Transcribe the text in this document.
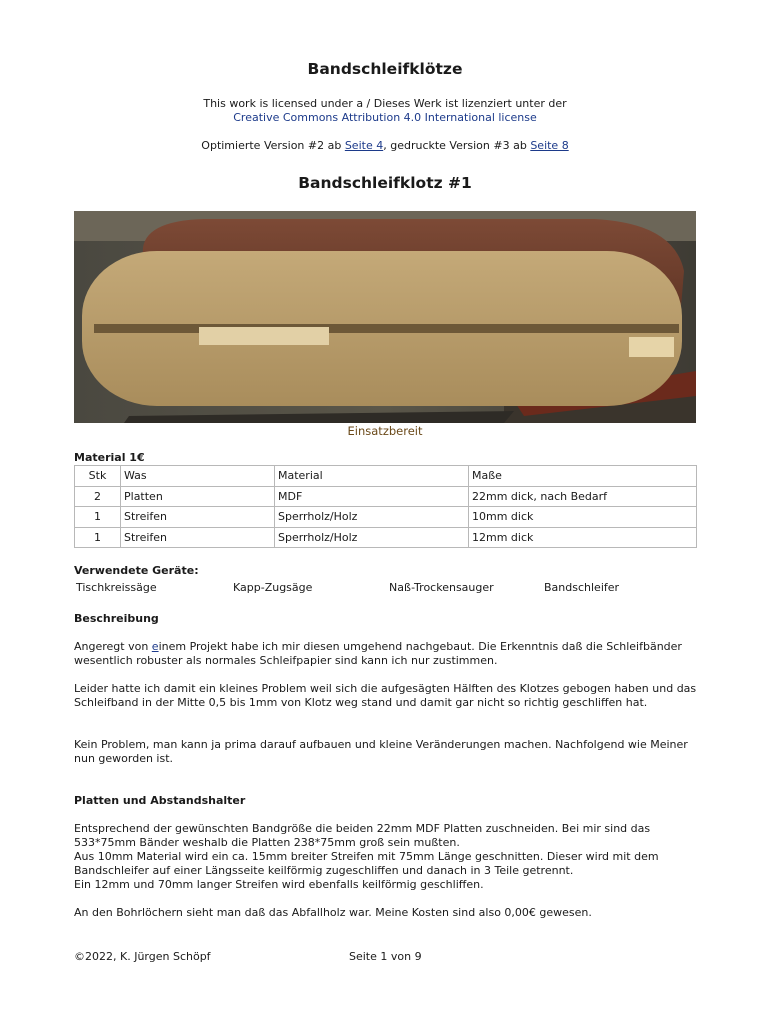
Bandschleifklötze
This work is licensed under a / Dieses Werk ist lizenziert unter der
Creative Commons Attribution 4.0 International license
Optimierte Version #2 ab Seite 4, gedruckte Version #3 ab Seite 8
Bandschleifklotz #1
Einsatzbereit
Material 1€
Stk	Was	Material	Maße
2	Platten	MDF	22mm dick, nach Bedarf
1	Streifen	Sperrholz/Holz	10mm dick
1	Streifen	Sperrholz/Holz	12mm dick
Verwendete Geräte:
Tischkreissäge	Kapp-Zugsäge	Naß-Trockensauger	Bandschleifer
Beschreibung

Angeregt von einem Projekt habe ich mir diesen umgehend nachgebaut. Die Erkenntnis daß die Schleifbänder wesentlich robuster als normales Schleifpapier sind kann ich nur zustimmen.

Leider hatte ich damit ein kleines Problem weil sich die aufgesägten Hälften des Klotzes gebogen haben und das Schleifband in der Mitte 0,5 bis 1mm von Klotz weg stand und damit gar nicht so richtig geschliffen hat.
Kein Problem, man kann ja prima darauf aufbauen und kleine Veränderungen machen. Nachfolgend wie Meiner nun geworden ist.
Platten und Abstandshalter

Entsprechend der gewünschten Bandgröße die beiden 22mm MDF Platten zuschneiden. Bei mir sind das 533*75mm Bänder weshalb die Platten 238*75mm groß sein mußten.

Aus 10mm Material wird ein ca. 15mm breiter Streifen mit 75mm Länge geschnitten. Dieser wird mit dem Bandschleifer auf einer Längsseite keilförmig zugeschliffen und danach in 3 Teile getrennt.

Ein 12mm und 70mm langer Streifen wird ebenfalls keilförmig geschliffen.

An den Bohrlöchern sieht man daß das Abfallholz war. Meine Kosten sind also 0,00€ gewesen.
©2022, K. Jürgen Schöpf	Seite 1 von 9
